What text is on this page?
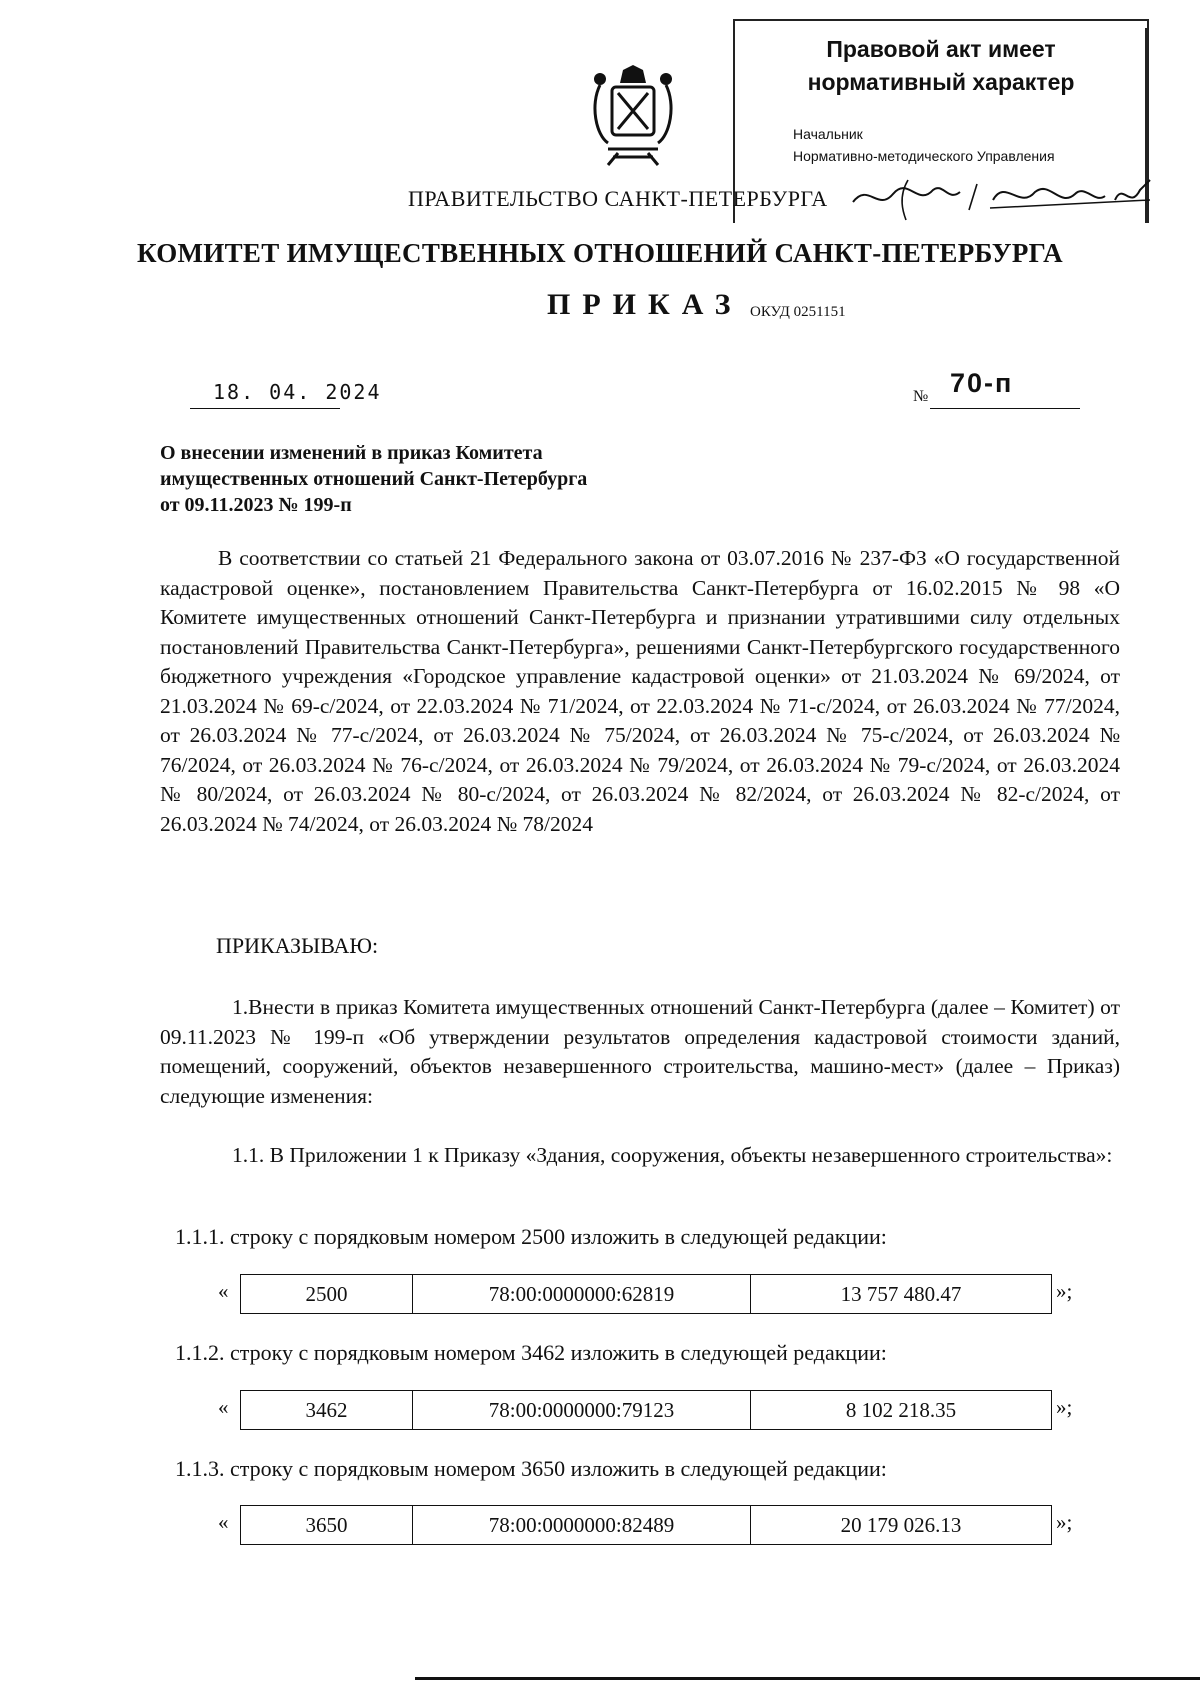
Правовой акт имеет
нормативный характер
Начальник
Нормативно-методического Управления
ПРАВИТЕЛЬСТВО САНКТ-ПЕТЕРБУРГА
КОМИТЕТ ИМУЩЕСТВЕННЫХ ОТНОШЕНИЙ САНКТ-ПЕТЕРБУРГА
ПРИКАЗ ОКУД 0251151
18. 04. 2024	№ 70-п
О внесении изменений в приказ Комитета
имущественных отношений Санкт-Петербурга
от 09.11.2023 № 199-п
В соответствии со статьей 21 Федерального закона от 03.07.2016 № 237-ФЗ «О государственной кадастровой оценке», постановлением Правительства Санкт-Петербурга от 16.02.2015 № 98 «О Комитете имущественных отношений Санкт-Петербурга и признании утратившими силу отдельных постановлений Правительства Санкт-Петербурга», решениями Санкт-Петербургского государственного бюджетного учреждения «Городское управление кадастровой оценки» от 21.03.2024 № 69/2024, от 21.03.2024 № 69-с/2024, от 22.03.2024 № 71/2024, от 22.03.2024 № 71-с/2024, от 26.03.2024 № 77/2024, от 26.03.2024 № 77-с/2024, от 26.03.2024 № 75/2024, от 26.03.2024 № 75-с/2024, от 26.03.2024 № 76/2024, от 26.03.2024 № 76-с/2024, от 26.03.2024 № 79/2024, от 26.03.2024 № 79-с/2024, от 26.03.2024 № 80/2024, от 26.03.2024 № 80-с/2024, от 26.03.2024 № 82/2024, от 26.03.2024 № 82-с/2024, от 26.03.2024 № 74/2024, от 26.03.2024 № 78/2024
ПРИКАЗЫВАЮ:
1.Внести в приказ Комитета имущественных отношений Санкт-Петербурга (далее – Комитет) от 09.11.2023 № 199-п «Об утверждении результатов определения кадастровой стоимости зданий, помещений, сооружений, объектов незавершенного строительства, машино-мест» (далее – Приказ) следующие изменения:
1.1. В Приложении 1 к Приказу «Здания, сооружения, объекты незавершенного строительства»:
1.1.1. строку с порядковым номером 2500 изложить в следующей редакции:
«	2500	78:00:0000000:62819	13 757 480.47	»;
1.1.2. строку с порядковым номером 3462 изложить в следующей редакции:
«	3462	78:00:0000000:79123	8 102 218.35	»;
1.1.3. строку с порядковым номером 3650 изложить в следующей редакции:
«	3650	78:00:0000000:82489	20 179 026.13	»;
